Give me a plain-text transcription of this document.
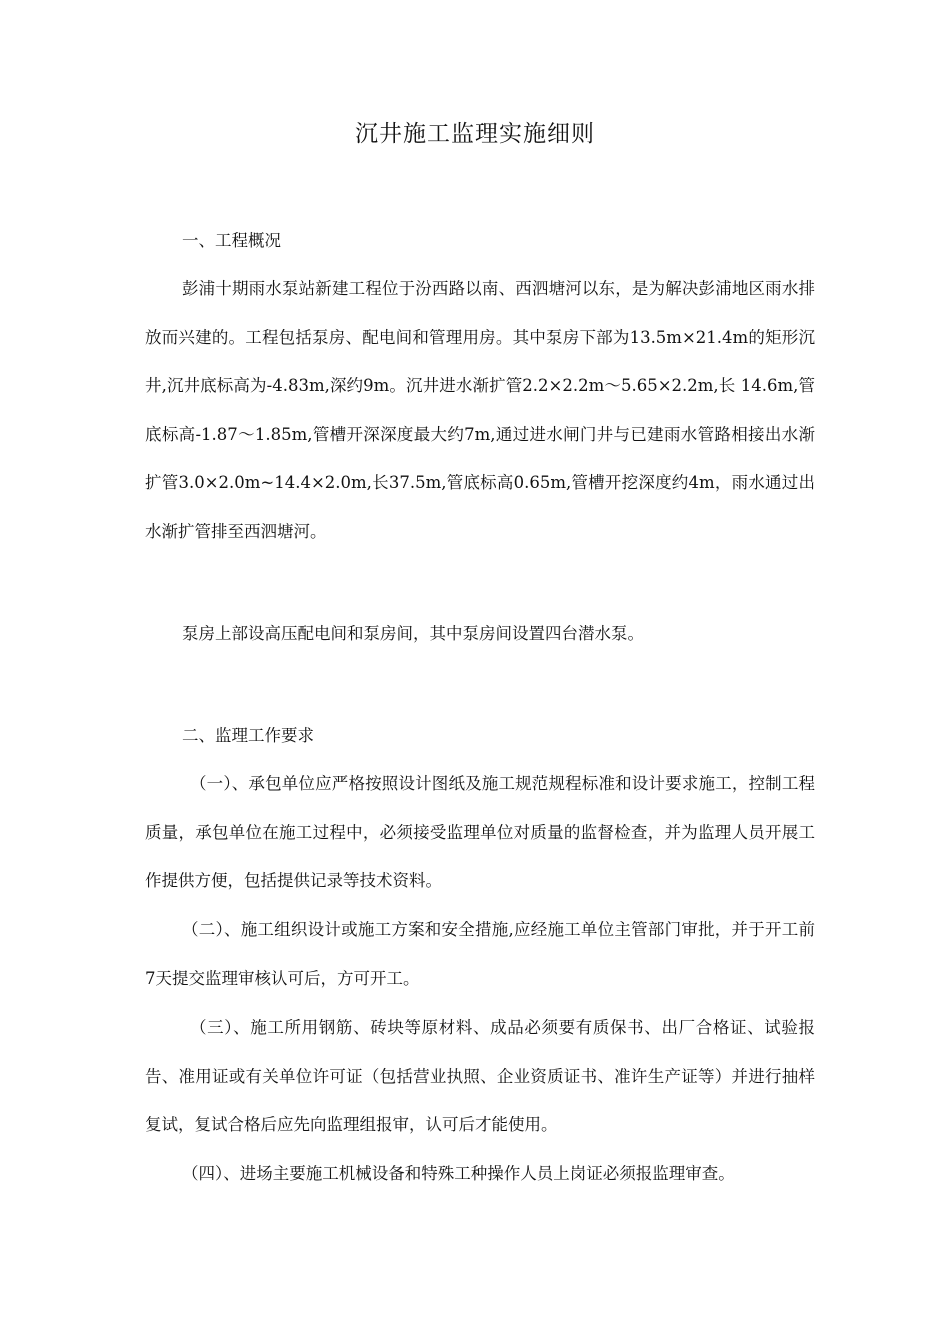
沉井施工监理实施细则
一、工程概况

彭浦十期雨水泵站新建工程位于汾西路以南、西泗塘河以东，是为解决彭浦地区雨水排放而兴建的。工程包括泵房、配电间和管理用房。其中泵房下部为13.5m×21.4m的矩形沉井,沉井底标高为-4.83m,深约9m。沉井进水渐扩管2.2×2.2m～5.65×2.2m,长 14.6m,管底标高-1.87～1.85m,管槽开深深度最大约7m,通过进水闸门井与已建雨水管路相接出水渐扩管3.0×2.0m~14.4×2.0m,长37.5m,管底标高0.65m,管槽开挖深度约4m，雨水通过出水渐扩管排至西泗塘河。

泵房上部设高压配电间和泵房间，其中泵房间设置四台潜水泵。

二、监理工作要求

（一）、承包单位应严格按照设计图纸及施工规范规程标准和设计要求施工，控制工程质量，承包单位在施工过程中，必须接受监理单位对质量的监督检查，并为监理人员开展工作提供方便，包括提供记录等技术资料。

（二）、施工组织设计或施工方案和安全措施,应经施工单位主管部门审批，并于开工前7天提交监理审核认可后，方可开工。

（三）、施工所用钢筋、砖块等原材料、成品必须要有质保书、出厂合格证、试验报告、准用证或有关单位许可证（包括营业执照、企业资质证书、准许生产证等）并进行抽样复试，复试合格后应先向监理组报审，认可后才能使用。

（四）、进场主要施工机械设备和特殊工种操作人员上岗证必须报监理审查。
